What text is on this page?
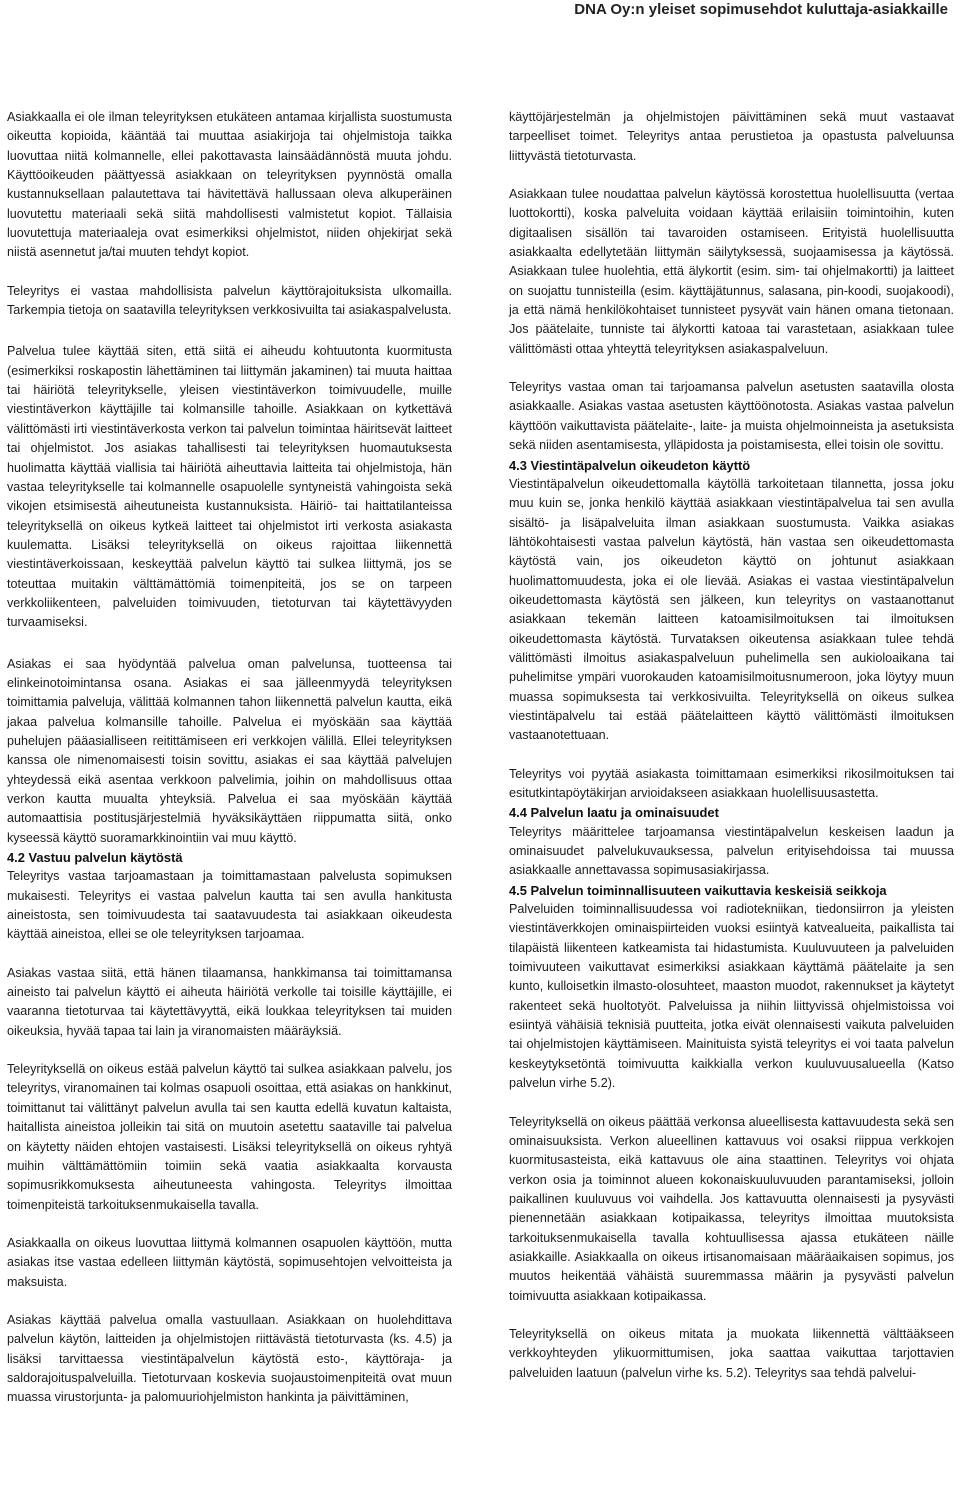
DNA Oy:n yleiset sopimusehdot kuluttaja-asiakkaille

Asiakkaalla ei ole ilman teleyrityksen etukäteen antamaa kirjallista suostumusta oikeutta kopioida, kääntää tai muuttaa asiakirjoja tai ohjelmistoja taikka luovuttaa niitä kolmannelle, ellei pakottavasta lainsäädännöstä muuta johdu. Käyttöoikeuden päättyessä asiakkaan on teleyrityksen pyynnöstä omalla kustannuksellaan palautettava tai hävitettävä hallussaan oleva alkuperäinen luovutettu materiaali sekä siitä mahdollisesti valmistetut kopiot. Tällaisia luovutettuja materiaaleja ovat esimerkiksi ohjelmistot, niiden ohjekirjat sekä niistä asennetut ja/tai muuten tehdyt kopiot.

Teleyritys ei vastaa mahdollisista palvelun käyttörajoituksista ulkomailla. Tarkempia tietoja on saatavilla teleyrityksen verkkosivuilta tai asiakaspalvelusta.

Palvelua tulee käyttää siten, että siitä ei aiheudu kohtuutonta kuormitusta (esimerkiksi roskapostin lähettäminen tai liittymän jakaminen) tai muuta haittaa tai häiriötä teleyritykselle, yleisen viestintäverkon toimivuudelle, muille viestintäverkon käyttäjille tai kolmansille tahoille. Asiakkaan on kytkettävä välittömästi irti viestintäverkosta verkon tai palvelun toimintaa häiritsevät laitteet tai ohjelmistot. Jos asiakas tahallisesti tai teleyrityksen huomautuksesta huolimatta käyttää viallisia tai häiriötä aiheuttavia laitteita tai ohjelmistoja, hän vastaa teleyritykselle tai kolmannelle osapuolelle syntyneistä vahingoista sekä vikojen etsimisestä aiheutuneista kustannuksista. Häiriö- tai haittatilanteissa teleyrityksellä on oikeus kytkeä laitteet tai ohjelmistot irti verkosta asiakasta kuulematta. Lisäksi teleyrityksellä on oikeus rajoittaa liikennettä viestintäverkoissaan, keskeyttää palvelun käyttö tai sulkea liittymä, jos se toteuttaa muitakin välttämättömiä toimenpiteitä, jos se on tarpeen verkkoliikenteen, palveluiden toimivuuden, tietoturvan tai käytettävyyden turvaamiseksi.

Asiakas ei saa hyödyntää palvelua oman palvelunsa, tuotteensa tai elinkeinotoimintansa osana. Asiakas ei saa jälleenmyydä teleyrityksen toimittamia palveluja, välittää kolmannen tahon liikennettä palvelun kautta, eikä jakaa palvelua kolmansille tahoille. Palvelua ei myöskään saa käyttää puhelujen pääasialliseen reitittämiseen eri verkkojen välillä. Ellei teleyrityksen kanssa ole nimenomaisesti toisin sovittu, asiakas ei saa käyttää palvelujen yhteydessä eikä asentaa verkkoon palvelimia, joihin on mahdollisuus ottaa verkon kautta muualta yhteyksiä. Palvelua ei saa myöskään käyttää automaattisia postitusjärjestelmiä hyväksikäyttäen riippumatta siitä, onko kyseessä käyttö suoramarkkinointiin vai muu käyttö.

4.2 Vastuu palvelun käytöstä

Teleyritys vastaa tarjoamastaan ja toimittamastaan palvelusta sopimuksen mukaisesti. Teleyritys ei vastaa palvelun kautta tai sen avulla hankitusta aineistosta, sen toimivuudesta tai saatavuudesta tai asiakkaan oikeudesta käyttää aineistoa, ellei se ole teleyrityksen tarjoamaa.

Asiakas vastaa siitä, että hänen tilaamansa, hankkimansa tai toimittamansa aineisto tai palvelun käyttö ei aiheuta häiriötä verkolle tai toisille käyttäjille, ei vaaranna tietoturvaa tai käytettävyyttä, eikä loukkaa teleyrityksen tai muiden oikeuksia, hyvää tapaa tai lain ja viranomaisten määräyksiä.

Teleyrityksellä on oikeus estää palvelun käyttö tai sulkea asiakkaan palvelu, jos teleyritys, viranomainen tai kolmas osapuoli osoittaa, että asiakas on hankkinut, toimittanut tai välittänyt palvelun avulla tai sen kautta edellä kuvatun kaltaista, haitallista aineistoa jolleikin tai sitä on muutoin asetettu saataville tai palvelua on käytetty näiden ehtojen vastaisesti. Lisäksi teleyrityksellä on oikeus ryhtyä muihin välttämättömiin toimiin sekä vaatia asiakkaalta korvausta sopimusrikkomuksesta aiheutuneesta vahingosta. Teleyritys ilmoittaa toimenpiteistä tarkoituksenmukaisella tavalla.

Asiakkaalla on oikeus luovuttaa liittymä kolmannen osapuolen käyttöön, mutta asiakas itse vastaa edelleen liittymän käytöstä, sopimusehtojen velvoitteista ja maksuista.

Asiakas käyttää palvelua omalla vastuullaan. Asiakkaan on huolehdittava palvelun käytön, laitteiden ja ohjelmistojen riittävästä tietoturvasta (ks. 4.5) ja lisäksi tarvittaessa viestintäpalvelun käytöstä esto-, käyttöraja- ja saldorajoituspalveluilla. Tietoturvaan koskevia suojaustoimenpiteitä ovat muun muassa virustorjunta- ja palomuuriohjelmiston hankinta ja päivittäminen,

käyttöjärjestelmän ja ohjelmistojen päivittäminen sekä muut vastaavat tarpeelliset toimet. Teleyritys antaa perustietoa ja opastusta palveluunsa liittyvästä tietoturvasta.

Asiakkaan tulee noudattaa palvelun käytössä korostettua huolellisuutta (vertaa luottokortti), koska palveluita voidaan käyttää erilaisiin toimintoihin, kuten digitaalisen sisällön tai tavaroiden ostamiseen. Erityistä huolellisuutta asiakkaalta edellytetään liittymän säilytyksessä, suojaamisessa ja käytössä. Asiakkaan tulee huolehtia, että älykortit (esim. sim- tai ohjelmakortti) ja laitteet on suojattu tunnisteilla (esim. käyttäjätunnus, salasana, pin-koodi, suojakoodi), ja että nämä henkilökohtaiset tunnisteet pysyvät vain hänen omana tietonaan. Jos päätelaite, tunniste tai älykortti katoaa tai varastetaan, asiakkaan tulee välittömästi ottaa yhteyttä teleyrityksen asiakaspalveluun.

Teleyritys vastaa oman tai tarjoamansa palvelun asetusten saatavilla olosta asiakkaalle. Asiakas vastaa asetusten käyttöönotosta. Asiakas vastaa palvelun käyttöön vaikuttavista päätelaite-, laite- ja muista ohjelmoinneista ja asetuksista sekä niiden asentamisesta, ylläpidosta ja poistamisesta, ellei toisin ole sovittu.

4.3 Viestintäpalvelun oikeudeton käyttö

Viestintäpalvelun oikeudettomalla käytöllä tarkoitetaan tilannetta, jossa joku muu kuin se, jonka henkilö käyttää asiakkaan viestintäpalvelua tai sen avulla sisältö- ja lisäpalveluita ilman asiakkaan suostumusta. Vaikka asiakas lähtökohtaisesti vastaa palvelun käytöstä, hän vastaa sen oikeudettomasta käytöstä vain, jos oikeudeton käyttö on johtunut asiakkaan huolimattomuudesta, joka ei ole lievää. Asiakas ei vastaa viestintäpalvelun oikeudettomasta käytöstä sen jälkeen, kun teleyritys on vastaanottanut asiakkaan tekemän laitteen katoamisilmoituksen tai ilmoituksen oikeudettomasta käytöstä. Turvataksen oikeutensa asiakkaan tulee tehdä välittömästi ilmoitus asiakaspalveluun puhelimella sen aukioloaikana tai puhelimitse ympäri vuorokauden katoamisilmoitusnumeroon, joka löytyy muun muassa sopimuksesta tai verkkosivuilta. Teleyrityksellä on oikeus sulkea viestintäpalvelu tai estää päätelaitteen käyttö välittömästi ilmoituksen vastaanotettuaan.

Teleyritys voi pyytää asiakasta toimittamaan esimerkiksi rikosilmoituksen tai esitutkintapöytäkirjan arvioidakseen asiakkaan huolellisuusastetta.

4.4 Palvelun laatu ja ominaisuudet

Teleyritys määrittelee tarjoamansa viestintäpalvelun keskeisen laadun ja ominaisuudet palvelukuvauksessa, palvelun erityisehdoissa tai muussa asiakkaalle annettavassa sopimusasiakirjassa.

4.5 Palvelun toiminnallisuuteen vaikuttavia keskeisiä seikkoja

Palveluiden toiminnallisuudessa voi radiotekniikan, tiedonsiirron ja yleisten viestintäverkkojen ominaispiirteiden vuoksi esiintyä katvealueita, paikallista tai tilapäistä liikenteen katkeamista tai hidastumista. Kuuluvuuteen ja palveluiden toimivuuteen vaikuttavat esimerkiksi asiakkaan käyttämä päätelaite ja sen kunto, kulloisetkin ilmasto-olosuhteet, maaston muodot, rakennukset ja käytetyt rakenteet sekä huoltotyöt. Palveluissa ja niihin liittyvissä ohjelmistoissa voi esiintyä vähäisiä teknisiä puutteita, jotka eivät olennaisesti vaikuta palveluiden tai ohjelmistojen käyttämiseen. Mainituista syistä teleyritys ei voi taata palvelun keskeytyksetöntä toimivuutta kaikkialla verkon kuuluvuusalueella (Katso palvelun virhe 5.2).

Teleyrityksellä on oikeus päättää verkonsa alueellisesta kattavuudesta sekä sen ominaisuuksista. Verkon alueellinen kattavuus voi osaksi riippua verkkojen kuormitusasteista, eikä kattavuus ole aina staattinen. Teleyritys voi ohjata verkon osia ja toiminnot alueen kokonaiskuuluvuuden parantamiseksi, jolloin paikallinen kuuluvuus voi vaihdella. Jos kattavuutta olennaisesti ja pysyvästi pienennetään asiakkaan kotipaikassa, teleyritys ilmoittaa muutoksista tarkoituksenmukaisella tavalla kohtuullisessa ajassa etukäteen näille asiakkaille. Asiakkaalla on oikeus irtisanomaisaan määräaikaisen sopimus, jos muutos heikentää vähäistä suuremmassa määrin ja pysyvästi palvelun toimivuutta asiakkaan kotipaikassa.

Teleyrityksellä on oikeus mitata ja muokata liikennettä välttääkseen verkkoyhteyden ylikuormittumisen, joka saattaa vaikuttaa tarjottavien palveluiden laatuun (palvelun virhe ks. 5.2). Teleyritys saa tehdä palvelui-
